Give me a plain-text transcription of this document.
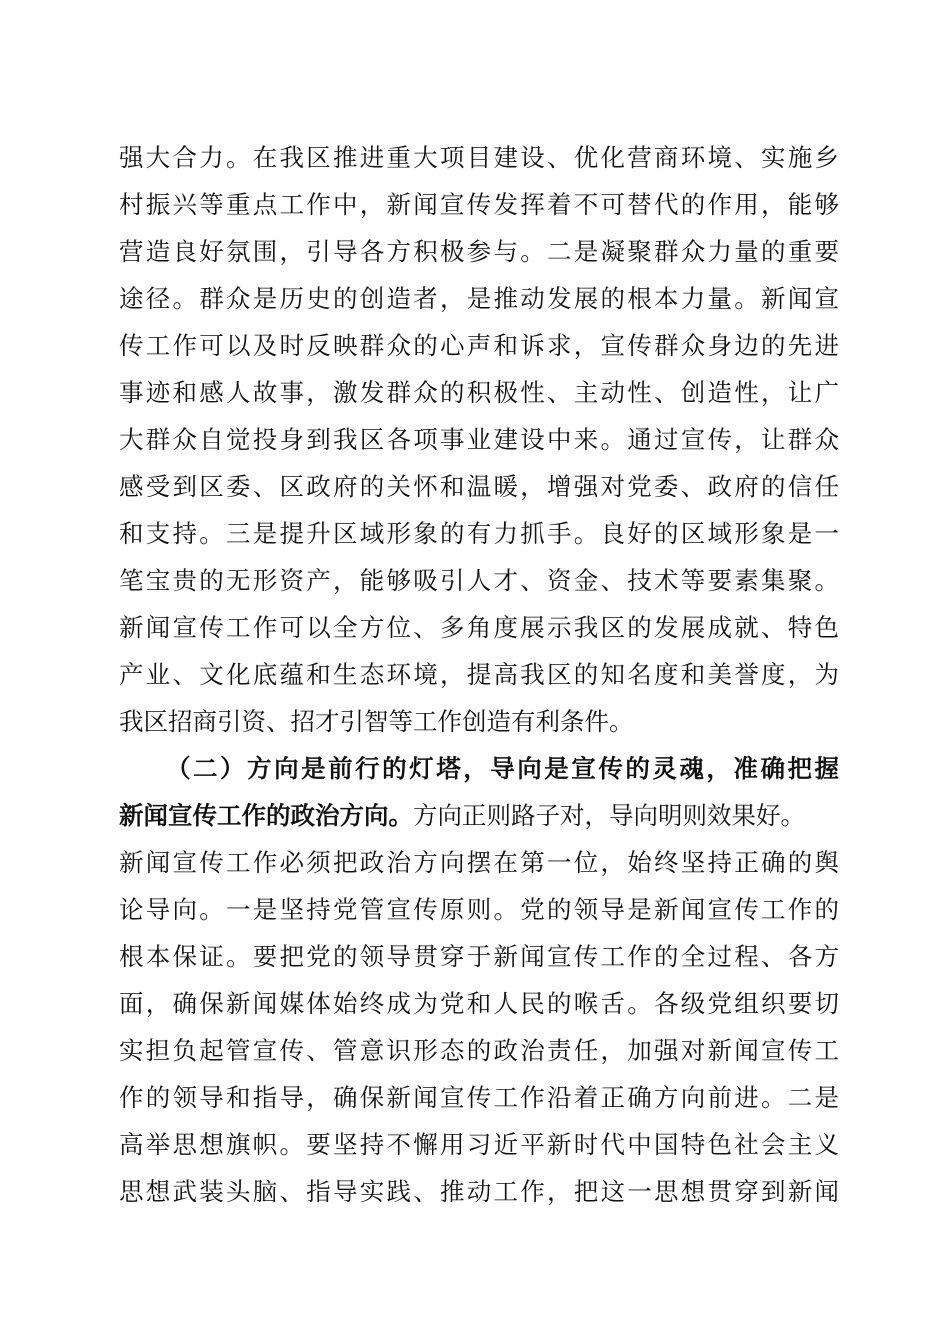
强大合力。在我区推进重大项目建设、优化营商环境、实施乡
村振兴等重点工作中，新闻宣传发挥着不可替代的作用，能够
营造良好氛围，引导各方积极参与。二是凝聚群众力量的重要
途径。群众是历史的创造者，是推动发展的根本力量。新闻宣
传工作可以及时反映群众的心声和诉求，宣传群众身边的先进
事迹和感人故事，激发群众的积极性、主动性、创造性，让广
大群众自觉投身到我区各项事业建设中来。通过宣传，让群众
感受到区委、区政府的关怀和温暖，增强对党委、政府的信任
和支持。三是提升区域形象的有力抓手。良好的区域形象是一
笔宝贵的无形资产，能够吸引人才、资金、技术等要素集聚。
新闻宣传工作可以全方位、多角度展示我区的发展成就、特色
产业、文化底蕴和生态环境，提高我区的知名度和美誉度，为
我区招商引资、招才引智等工作创造有利条件。
（二）方向是前行的灯塔，导向是宣传的灵魂，准确把握
新闻宣传工作的政治方向。方向正则路子对，导向明则效果好。
新闻宣传工作必须把政治方向摆在第一位，始终坚持正确的舆
论导向。一是坚持党管宣传原则。党的领导是新闻宣传工作的
根本保证。要把党的领导贯穿于新闻宣传工作的全过程、各方
面，确保新闻媒体始终成为党和人民的喉舌。各级党组织要切
实担负起管宣传、管意识形态的政治责任，加强对新闻宣传工
作的领导和指导，确保新闻宣传工作沿着正确方向前进。二是
高举思想旗帜。要坚持不懈用习近平新时代中国特色社会主义
思想武装头脑、指导实践、推动工作，把这一思想贯穿到新闻
